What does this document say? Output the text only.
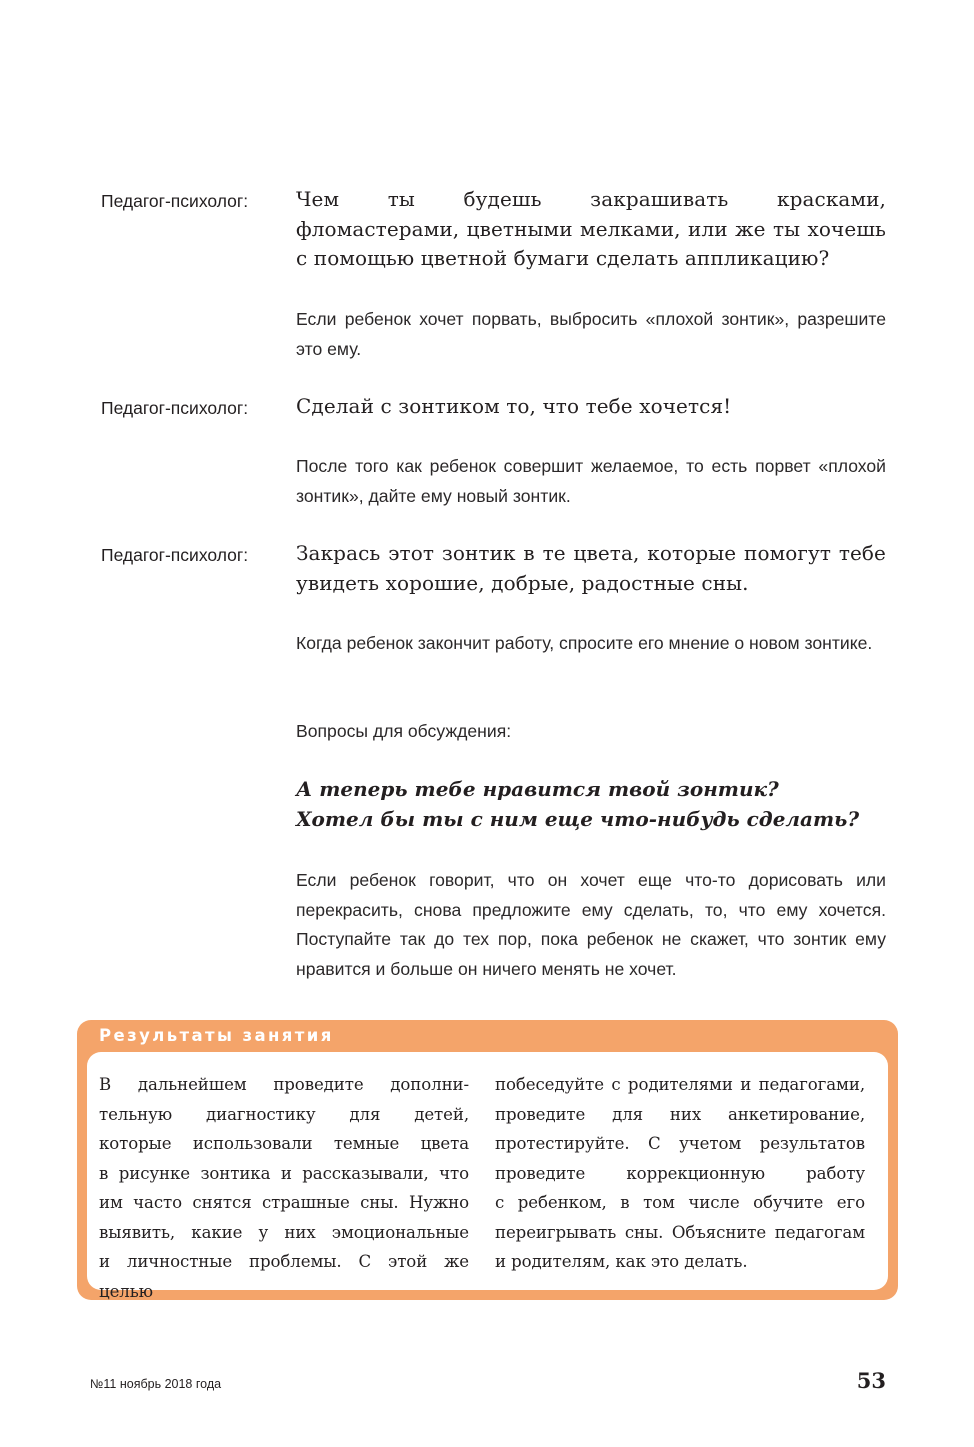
Педагог-психолог:	Чем ты будешь закрашивать красками, фломастерами, цветными мелками, или же ты хочешь с помощью цветной бумаги сделать аппликацию?
Если ребенок хочет порвать, выбросить «плохой зонтик», разрешите это ему.
Педагог-психолог:	Сделай с зонтиком то, что тебе хочется!
После того как ребенок совершит желаемое, то есть порвет «плохой зонтик», дайте ему новый зонтик.
Педагог-психолог:	Закрась этот зонтик в те цвета, которые помогут тебе увидеть хорошие, добрые, радостные сны.
Когда ребенок закончит работу, спросите его мнение о новом зонтике.
Вопросы для обсуждения:
А теперь тебе нравится твой зонтик?
Хотел бы ты с ним еще что-нибудь сделать?
Если ребенок говорит, что он хочет еще что-то дорисовать или перекрасить, снова предложите ему сделать, то, что ему хочется. Поступайте так до тех пор, пока ребенок не скажет, что зонтик ему нравится и больше он ничего менять не хочет.
Результаты занятия
В дальнейшем проведите дополни-
тельную диагностику для детей,
которые использовали темные цвета
в рисунке зонтика и рассказывали, что
им часто снятся страшные сны. Нужно
выявить, какие у них эмоциональные
и личностные проблемы. С этой же целью
побеседуйте с родителями и педагогами,
проведите для них анкетирование,
протестируйте. С учетом результатов
проведите коррекционную работу
с ребенком, в том числе обучите его
переигрывать сны. Объясните педагогам
и родителям, как это делать.
№11 ноябрь 2018 года	53
